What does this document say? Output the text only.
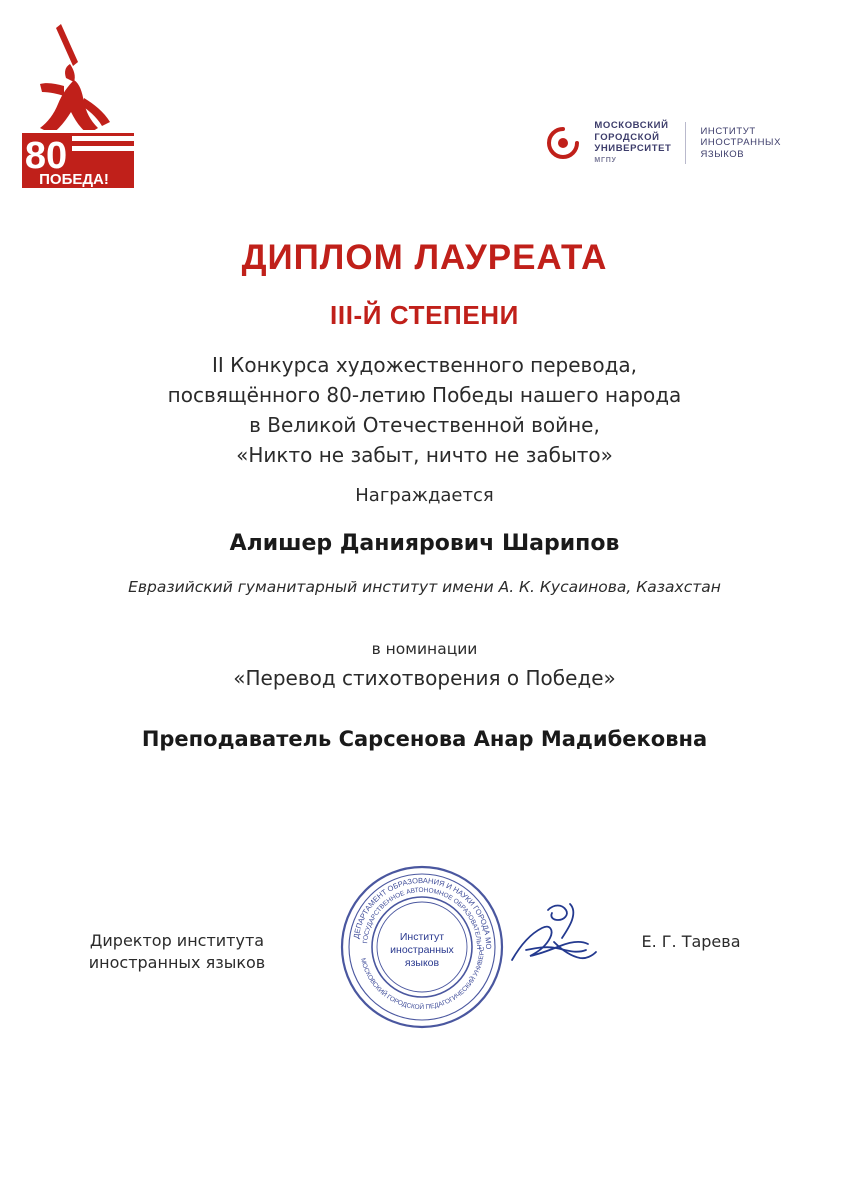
80
ПОБЕДА!
МОСКОВСКИЙ
ГОРОДСКОЙ
УНИВЕРСИТЕТ
МГПУ
ИНСТИТУТ
ИНОСТРАННЫХ
ЯЗЫКОВ
ДИПЛОМ ЛАУРЕАТА
III-Й СТЕПЕНИ
II Конкурса художественного перевода,
посвящённого 80-летию Победы нашего народа
в Великой Отечественной войне,
«Никто не забыт, ничто не забыто»
Награждается
Алишер Даниярович Шарипов
Евразийский гуманитарный институт имени А. К. Кусаинова, Казахстан
в номинации
«Перевод стихотворения о Победе»
Преподаватель Сарсенова Анар Мадибековна
Директор института
иностранных языков
ДЕПАРТАМЕНТ ОБРАЗОВАНИЯ И НАУКИ ГОРОДА МО
ГОСУДАРСТВЕННОЕ АВТОНОМНОЕ ОБРАЗОВАТЕЛЬН
МОСКОВСКИЙ ГОРОДСКОЙ ПЕДАГОГИЧЕСКИЙ УНИВЕРС
Институт
иностранных
языков
Е. Г. Тарева
